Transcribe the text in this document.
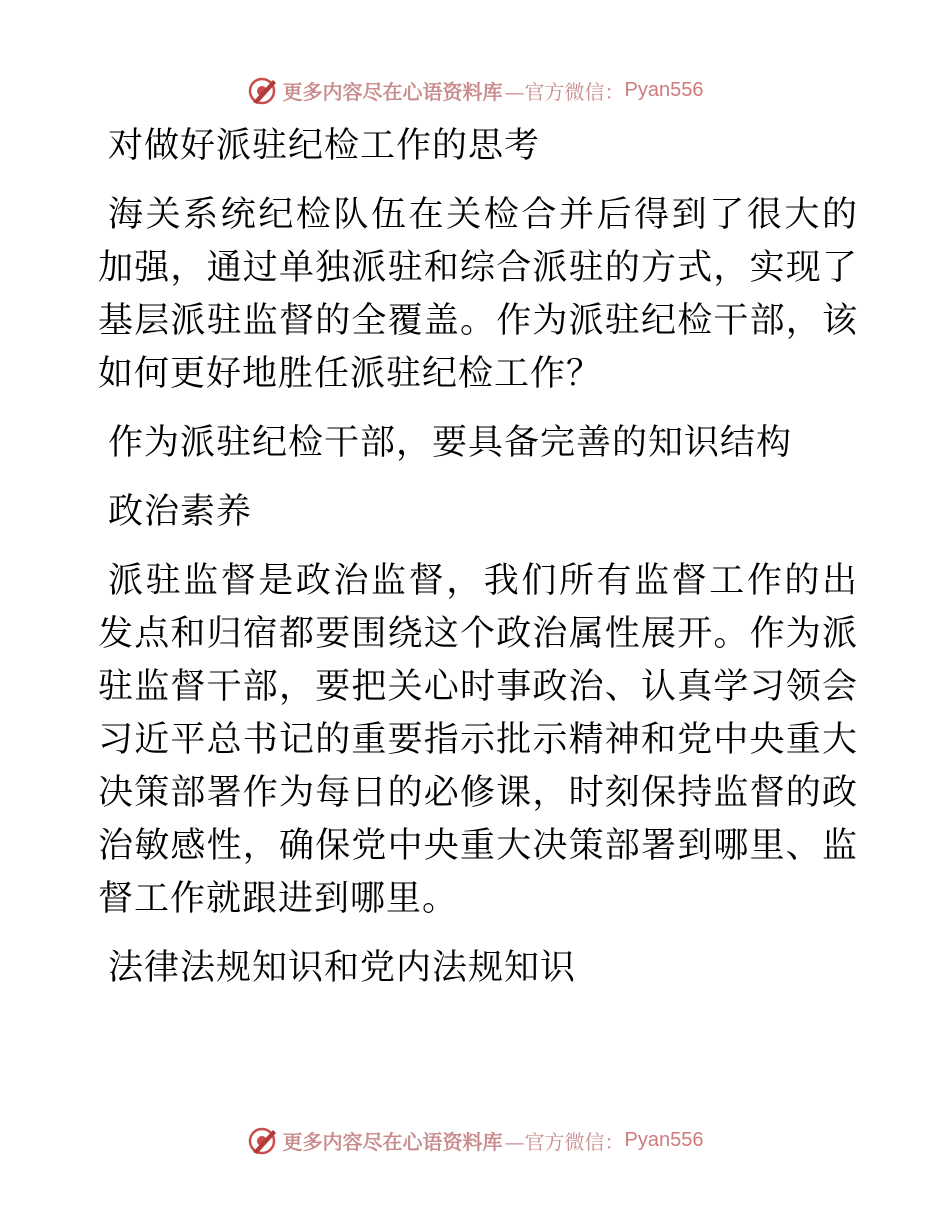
更多内容尽在心语资料库 —官方微信： Pyan556

对做好派驻纪检工作的思考

海关系统纪检队伍在关检合并后得到了很大的加强，通过单独派驻和综合派驻的方式，实现了基层派驻监督的全覆盖。作为派驻纪检干部，该如何更好地胜任派驻纪检工作？

作为派驻纪检干部，要具备完善的知识结构

政治素养

派驻监督是政治监督，我们所有监督工作的出发点和归宿都要围绕这个政治属性展开。作为派驻监督干部，要把关心时事政治、认真学习领会习近平总书记的重要指示批示精神和党中央重大决策部署作为每日的必修课，时刻保持监督的政治敏感性，确保党中央重大决策部署到哪里、监督工作就跟进到哪里。

法律法规知识和党内法规知识

更多内容尽在心语资料库 —官方微信： Pyan556
